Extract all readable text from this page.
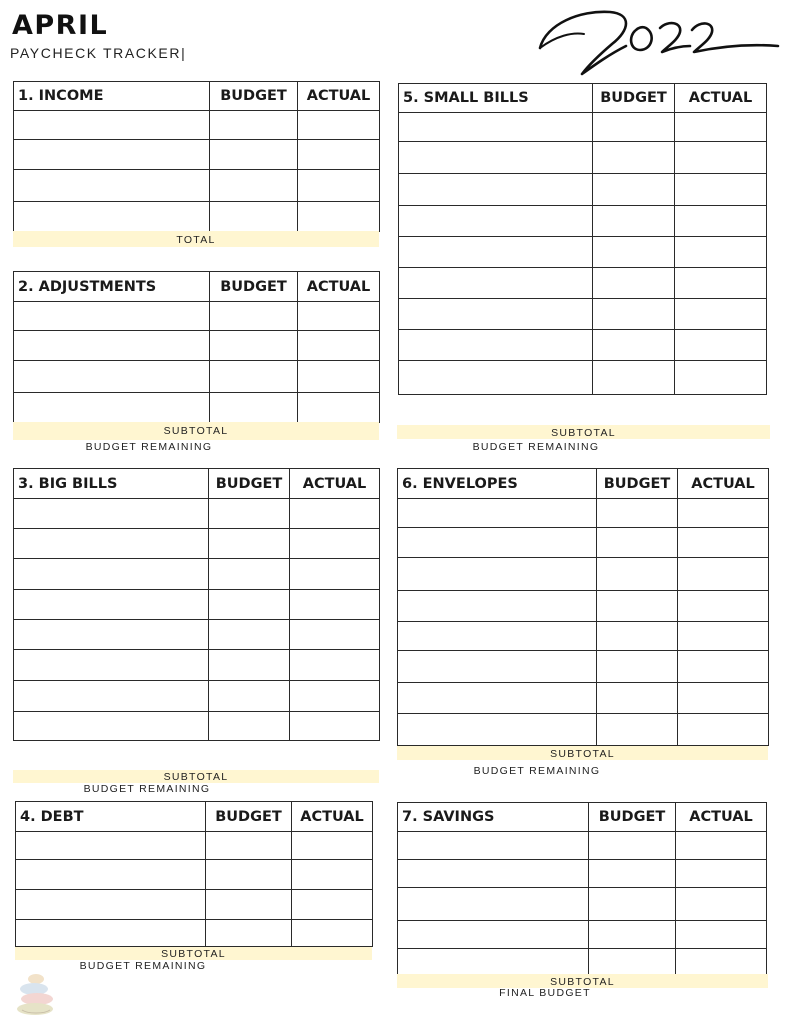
APRIL
PAYCHECK TRACKER|
1. INCOME	BUDGET	ACTUAL

TOTAL
2. ADJUSTMENTS	BUDGET	ACTUAL

SUBTOTAL
BUDGET REMAINING
3. BIG BILLS	BUDGET	ACTUAL

SUBTOTAL
BUDGET REMAINING
4. DEBT	BUDGET	ACTUAL

SUBTOTAL
BUDGET REMAINING
5. SMALL BILLS	BUDGET	ACTUAL

SUBTOTAL
BUDGET REMAINING
6. ENVELOPES	BUDGET	ACTUAL

SUBTOTAL
BUDGET REMAINING
7. SAVINGS	BUDGET	ACTUAL

SUBTOTAL
FINAL BUDGET
